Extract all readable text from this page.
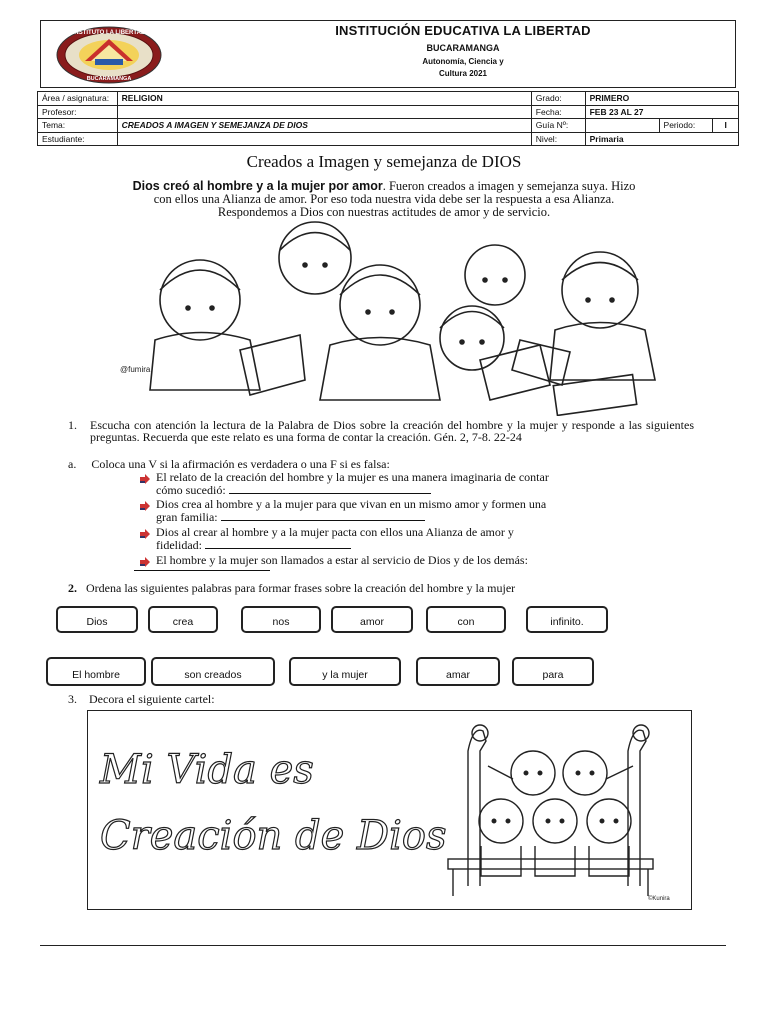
INSTITUTO LA LIBERTAD
BUCARAMANGA
INSTITUCIÓN EDUCATIVA LA LIBERTAD
BUCARAMANGA
Autonomía, Ciencia y
Cultura 2021
Área / asignatura:	RELIGION	Grado:	PRIMERO		
Profesor:		Fecha:	FEB 23 AL 27		
Tema:	CREADOS A IMAGEN Y SEMEJANZA DE DIOS	Guía Nº:		Periodo:	I
Estudiante:		Nivel:	Primaria		
Creados a Imagen y semejanza de DIOS
Dios creó al hombre y a la mujer por amor. Fueron creados a imagen y semejanza suya. Hizo
con ellos una Alianza de amor. Por eso toda nuestra vida debe ser la respuesta a esa Alianza.
Respondemos a Dios con nuestras actitudes de amor y de servicio.
@fumira
1. Escucha con atención la lectura de la Palabra de Dios sobre la creación del hombre y la mujer y responde a las siguientes preguntas. Recuerda que este relato es una forma de contar la creación. Gén. 2, 7-8. 22-24
a. Coloca una V si la afirmación es verdadera o una F si es falsa:
El relato de la creación del hombre y la mujer es una manera imaginaria de contar
cómo sucedió:
Dios crea al hombre y a la mujer para que vivan en un mismo amor y formen una
gran familia:
Dios al crear al hombre y a la mujer pacta con ellos una Alianza de amor y
fidelidad:
El hombre y la mujer son llamados a estar al servicio de Dios y de los demás:
2. Ordena las siguientes palabras para formar frases sobre la creación del hombre y la mujer
Dios	crea	nos	amor	con	infinito.
El hombre	son creados	y la mujer	amar	para
3. Decora el siguiente cartel:
Mi Vida es
Creación de Dios
©Kunira
